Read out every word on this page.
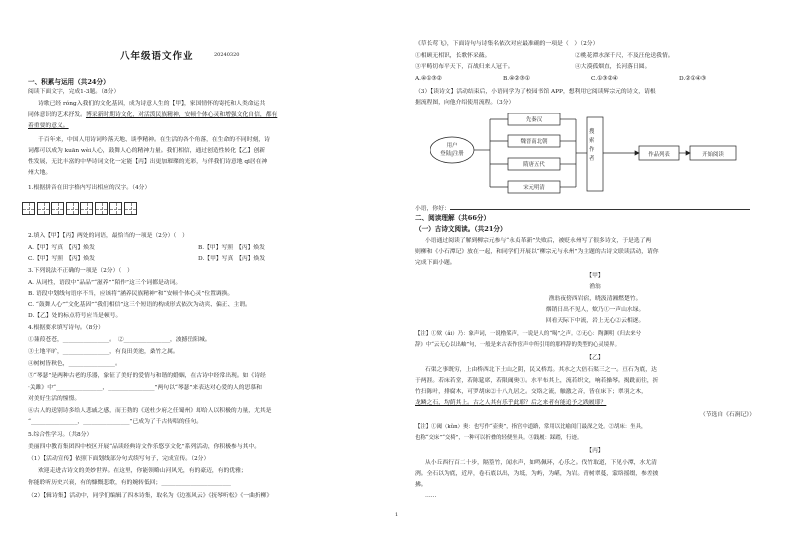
八年级语文作业	20240320

一、积累与运用（共24分）

阅读下面文字，完成1-3题。（8分）

诗歌已经 rónɡ入我们的文化基因，成为诗意人生的【甲】，家国情怀的寄托和人类命运共

同体意识的艺术抒发。博采新时期诗文化，对活泼民族精神，安顿个体心灵和增强文化自信，都有

着重要的意义。

千百年来，中国人用诗词吟落天地、谈季精神。在生活的各个角落，在生命的不同时刻，诗

词都可以成为 kuān wèi人心，鼓舞人心的精神力量。我们相信，通过创造性转化【乙】创新

性发展，无比丰富的中华诗词文化一定能【丙】出更加璀璨的光彩，与伴我们诗意地 qī居在神

州大地。

1.根据拼音在田字格内写出相应的汉字。（4分）

2.填入【甲】【丙】两处的词语，最恰当的一项是（2分）（　）

A.【甲】写真　【丙】焕发	B.【甲】写照　【丙】焕发

C.【甲】写照　【丙】焕发	D.【甲】写真　【丙】焕发

3.下列说法不正确的一项是（2分）（　）

A. 从词性，语段中“品品”“滋养”“陌作”这三个词都是动词。

B. 语段中划线句语序不当，应该将“涵养民族精神”和“安顿个体心灵”位置调换。

C. “鼓舞人心”“文化基因”“我们相信”这三个短语的构成形式依次为动宾、偏正、主谓。

D.【乙】处的标点符号应当是顿号。

4.根据要求填写诗句。（8分）

①蒹葭苍苍，________________。　②________________，波撼岳阳城。

③土地平旷，________________，有良田美池，桑竹之属。

④树树皆秋色，________________。

⑤“琴瑟”是两种古老的乐器，象征了美好的爱情与和谐的婚姻，在古诗中经常出现。如《诗经

·关雎》中“________________，________________”两句以“琴瑟”来表达对心爱的人的思慕和

对美好生活的憧憬。

⑥古人的送别诗多给人悲戚之感，而王勃的《送杜少府之任蜀州》却给人以积极的力量，尤其是

“________________，________________”已成为了千古传唱的佳句。

5.综合性学习。（共8分）

美丽四中教育集团四中校区开展“品读经典诗文作乐悠享文化”系列活动，你积极参与其中。

（1）【活动宣传】依照下面划线部分句式续写句子，完成宣传。（2分）

欢迎走进古诗文的美妙世界。在这里，你能领略山河风光，有的豪迈，有的优雅；

你能聆听历史兴衰，有的慷慨悲歌，有的婉转低回；________________________

（2）【辑诗集】活动中，同学们编辑了四本诗集，取名为《边塞风云》《抚琴听松》《一曲折柳》

《草长莺飞》，下面诗句与诗集名依次对应最准确的一项是（　）（2分）

①相顾无相识，长歌怀采薇。	②桃花潭水深千尺，不及汪伦送我情。

③平畴切布平天下，百战归来人冠千。	④大漠孤烟直，长河落日圆。

A.④①③②	B.④②③①	C.①③②④	D.②①④③

（3）【读诗文】活动结束后，小语同学为了校园书馆 APP，想利用它阅读辉宗元的诗文，请根

据流程图，向他介绍使用流程。（3分）

用户
登陆|注册
先秦汉
魏晋南北朝
隋唐五代
宋元明清
搜索作者
作品列表	开始阅读

小语，你好：

二、阅读理解（共66分）

（一）古诗文阅读。（共21分）

小语通过阅读了解到柳宗元参与“永贞革新”失败后，被贬永州写了很多诗文，于是选了两

则柳和《小石潭记》放在一起，和同学们开展以“柳宗元与永州”为主题的古诗文联读活动，请你

完成下面小题。

【甲】

渔翁

渔翁夜傍西岩宿，晓汲清湘燃楚竹。

烟销日出不见人，欸乃①一声山水绿。

回看天际下中流，岩上无心②云相逐。

【注】①欸（ǎi）乃：象声词，一说橹桨声，一说是人的“喝”之声。②无心：陶渊明《归去来兮

辞》中“云无心以出岫”句，一般是来古表作宦声中所引用的那样辞的类型的心灵境界。

【乙】

石渠之事既穷，上由桥西北下土山之阴，民又桥焉。其水之大倍石渠三之一。亘石为底，达

于两涯。若床若堂，若陈筵席，若限阈奥①。水平布其上，流若织文，响若操琴。揭跣而往，折

竹扫陈叶，排腐木，可罗胡床②十八九居之。交络之流，触激之音，皆在床下；翠羽之木，

龙鳞之石，均荫其上。古之人其有乐乎此耶？后之来者有能追予之践履耶？

（节选自《石涧记》）

【注】①阈（kǔn）奥：也写作“壶奥”，指宫中道路，常用以比喻闺门最深之处。②胡床：坐具，

也称“交床”“交椅”，一种可以折叠的轻便坐具。③践履：踩踏，行迹。

【丙】

从小丘西行百二十步，隔篁竹，闻水声，如鸣佩环，心乐之。伐竹取道，下见小潭，水尤清

洌。全石以为底，近岸，卷石底以出，为坻，为屿，为嵁，为岩。青树翠蔓，蒙络摇缀，参差披

拂。

……

1
